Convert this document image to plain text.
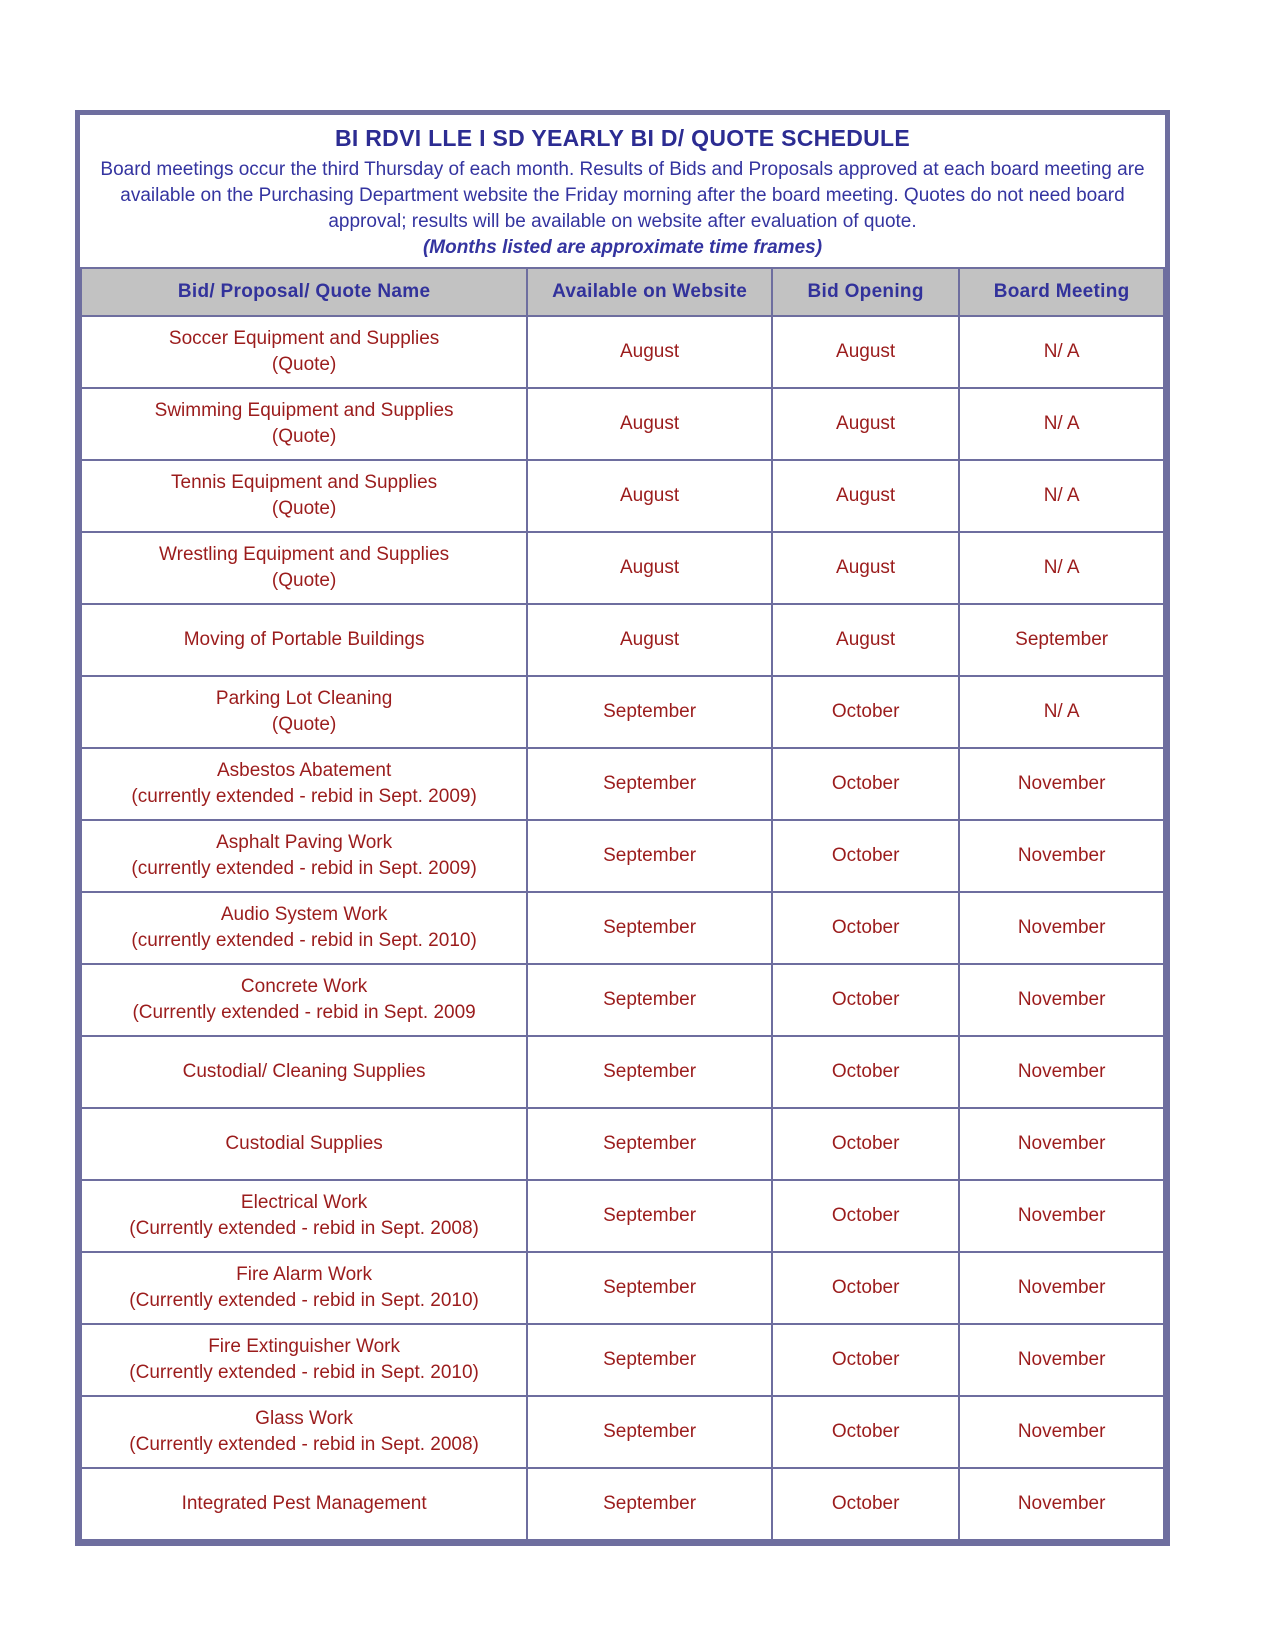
BI RDVI LLE I SD YEARLY BI D/ QUOTE SCHEDULE

Board meetings occur the third Thursday of each month. Results of Bids and Proposals approved at each board meeting are available on the Purchasing Department website the Friday morning after the board meeting. Quotes do not need board approval; results will be available on website after evaluation of quote.

(Months listed are approximate time frames)
Bid/ Proposal/ Quote Name	Available on Website	Bid Opening	Board Meeting

Soccer Equipment and Supplies
(Quote)	August	August	N/ A

Swimming Equipment and Supplies
(Quote)	August	August	N/ A

Tennis Equipment and Supplies
(Quote)	August	August	N/ A

Wrestling Equipment and Supplies
(Quote)	August	August	N/ A

Moving of Portable Buildings	August	August	September

Parking Lot Cleaning
(Quote)	September	October	N/ A

Asbestos Abatement
(currently extended - rebid in Sept. 2009)	September	October	November

Asphalt Paving Work
(currently extended - rebid in Sept. 2009)	September	October	November

Audio System Work
(currently extended - rebid in Sept. 2010)	September	October	November

Concrete Work
(Currently extended - rebid in Sept. 2009	September	October	November

Custodial/ Cleaning Supplies	September	October	November

Custodial Supplies	September	October	November

Electrical Work
(Currently extended - rebid in Sept. 2008)	September	October	November

Fire Alarm Work
(Currently extended - rebid in Sept. 2010)	September	October	November

Fire Extinguisher Work
(Currently extended - rebid in Sept. 2010)	September	October	November

Glass Work
(Currently extended - rebid in Sept. 2008)	September	October	November

Integrated Pest Management	September	October	November
